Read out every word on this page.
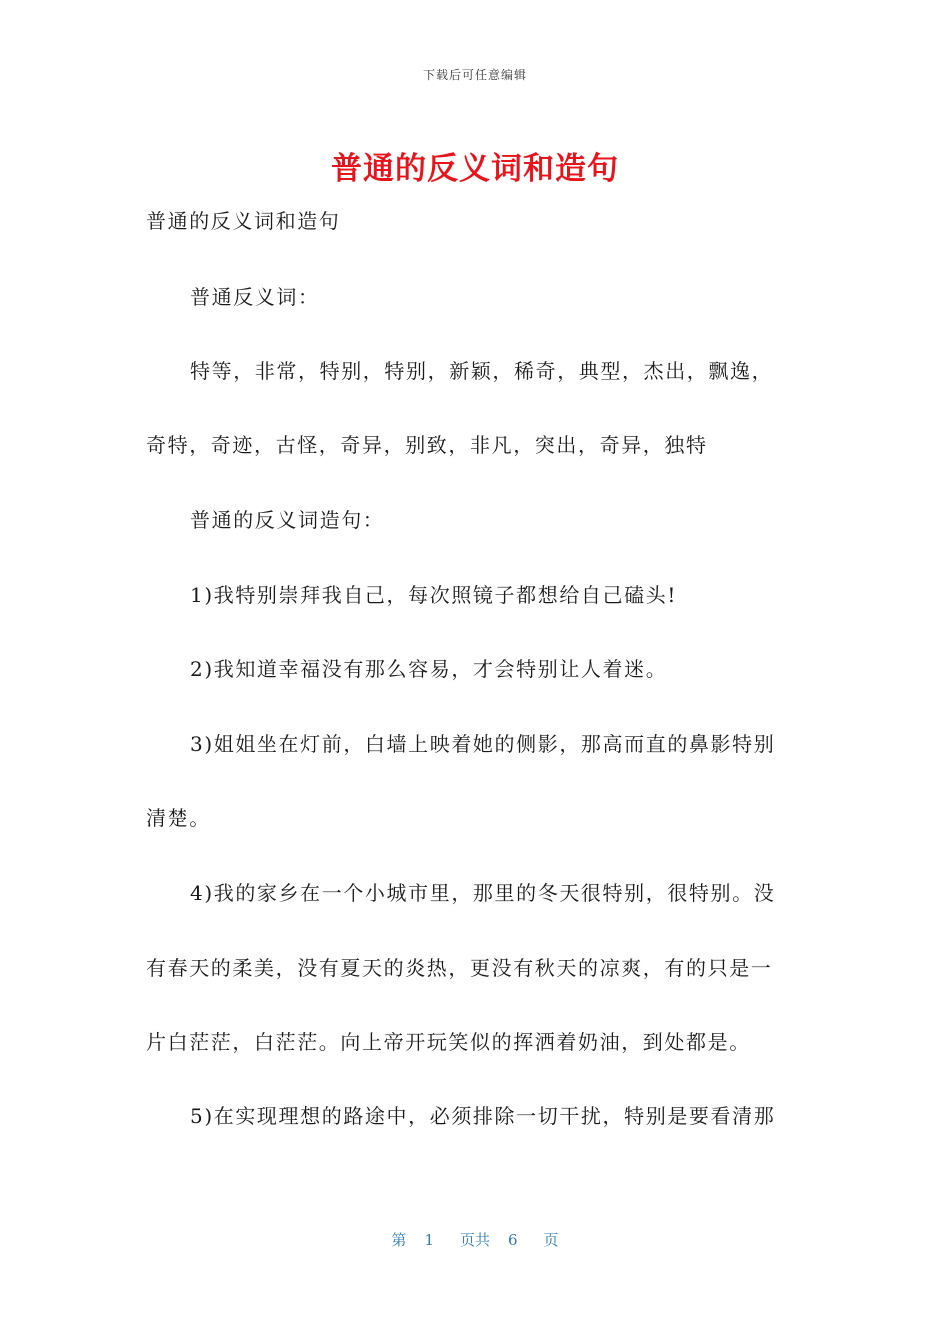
下载后可任意编辑
普通的反义词和造句
普通的反义词和造句
普通反义词：
特等，非常，特别，特别，新颖，稀奇，典型，杰出，飘逸，
奇特，奇迹，古怪，奇异，别致，非凡，突出，奇异，独特
普通的反义词造句：
1)我特别崇拜我自己，每次照镜子都想给自己磕头!
2)我知道幸福没有那么容易，才会特别让人着迷。
3)姐姐坐在灯前，白墙上映着她的侧影，那高而直的鼻影特别
清楚。
4)我的家乡在一个小城市里，那里的冬天很特别，很特别。没
有春天的柔美，没有夏天的炎热，更没有秋天的凉爽，有的只是一
片白茫茫，白茫茫。向上帝开玩笑似的挥洒着奶油，到处都是。
5)在实现理想的路途中，必须排除一切干扰，特别是要看清那
第 1 页共 6 页
